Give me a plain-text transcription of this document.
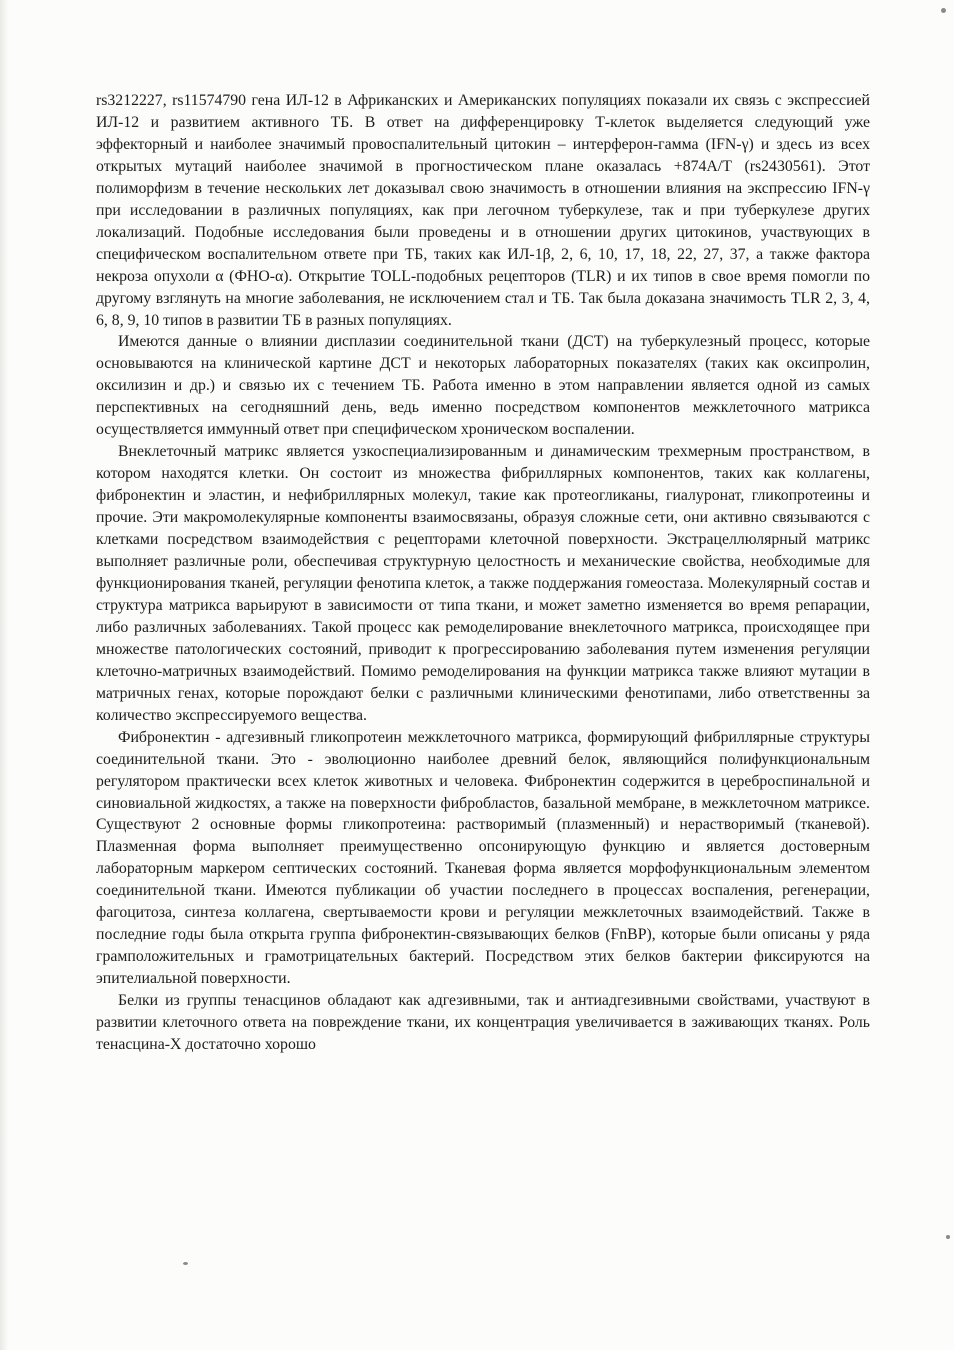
rs3212227, rs11574790 гена ИЛ-12 в Африканских и Американских популяциях показали их связь с экспрессией ИЛ-12 и развитием активного ТБ. В ответ на дифференцировку Т-клеток выделяется следующий уже эффекторный и наиболее значимый провоспалительный цитокин – интерферон-гамма (IFN-γ) и здесь из всех открытых мутаций наиболее значимой в прогностическом плане оказалась +874А/Т (rs2430561). Этот полиморфизм в течение нескольких лет доказывал свою значимость в отношении влияния на экспрессию IFN-γ при исследовании в различных популяциях, как при легочном туберкулезе, так и при туберкулезе других локализаций. Подобные исследования были проведены и в отношении других цитокинов, участвующих в специфическом воспалительном ответе при ТБ, таких как ИЛ-1β, 2, 6, 10, 17, 18, 22, 27, 37, а также фактора некроза опухоли α (ФНО-α). Открытие TOLL-подобных рецепторов (TLR) и их типов в свое время помогли по другому взглянуть на многие заболевания, не исключением стал и ТБ. Так была доказана значимость TLR 2, 3, 4, 6, 8, 9, 10 типов в развитии ТБ в разных популяциях.

Имеются данные о влиянии дисплазии соединительной ткани (ДСТ) на туберкулезный процесс, которые основываются на клинической картине ДСТ и некоторых лабораторных показателях (таких как оксипролин, оксилизин и др.) и связью их с течением ТБ. Работа именно в этом направлении является одной из самых перспективных на сегодняшний день, ведь именно посредством компонентов межклеточного матрикса осуществляется иммунный ответ при специфическом хроническом воспалении.

Внеклеточный матрикс является узкоспециализированным и динамическим трехмерным пространством, в котором находятся клетки. Он состоит из множества фибриллярных компонентов, таких как коллагены, фибронектин и эластин, и нефибриллярных молекул, такие как протеогликаны, гиалуронат, гликопротеины и прочие. Эти макромолекулярные компоненты взаимосвязаны, образуя сложные сети, они активно связываются с клетками посредством взаимодействия с рецепторами клеточной поверхности. Экстрацеллюлярный матрикс выполняет различные роли, обеспечивая структурную целостность и механические свойства, необходимые для функционирования тканей, регуляции фенотипа клеток, а также поддержания гомеостаза. Молекулярный состав и структура матрикса варьируют в зависимости от типа ткани, и может заметно изменяется во время репарации, либо различных заболеваниях. Такой процесс как ремоделирование внеклеточного матрикса, происходящее при множестве патологических состояний, приводит к прогрессированию заболевания путем изменения регуляции клеточно-матричных взаимодействий. Помимо ремоделирования на функции матрикса также влияют мутации в матричных генах, которые порождают белки с различными клиническими фенотипами, либо ответственны за количество экспрессируемого вещества.

Фибронектин - адгезивный гликопротеин межклеточного матрикса, формирующий фибриллярные структуры соединительной ткани. Это - эволюционно наиболее древний белок, являющийся полифункциональным регулятором практически всех клеток животных и человека. Фибронектин содержится в цереброспинальной и синовиальной жидкостях, а также на поверхности фибробластов, базальной мембране, в межклеточном матриксе. Существуют 2 основные формы гликопротеина: растворимый (плазменный) и нерастворимый (тканевой). Плазменная форма выполняет преимущественно опсонирующую функцию и является достоверным лабораторным маркером септических состояний. Тканевая форма является морфофункциональным элементом соединительной ткани. Имеются публикации об участии последнего в процессах воспаления, регенерации, фагоцитоза, синтеза коллагена, свертываемости крови и регуляции межклеточных взаимодействий. Также в последние годы была открыта группа фибронектин-связывающих белков (FnBP), которые были описаны у ряда грамположительных и грамотрицательных бактерий. Посредством этих белков бактерии фиксируются на эпителиальной поверхности.

Белки из группы тенасцинов обладают как адгезивными, так и антиадгезивными свойствами, участвуют в развитии клеточного ответа на повреждение ткани, их концентрация увеличивается в заживающих тканях. Роль тенасцина-Х достаточно хорошо
